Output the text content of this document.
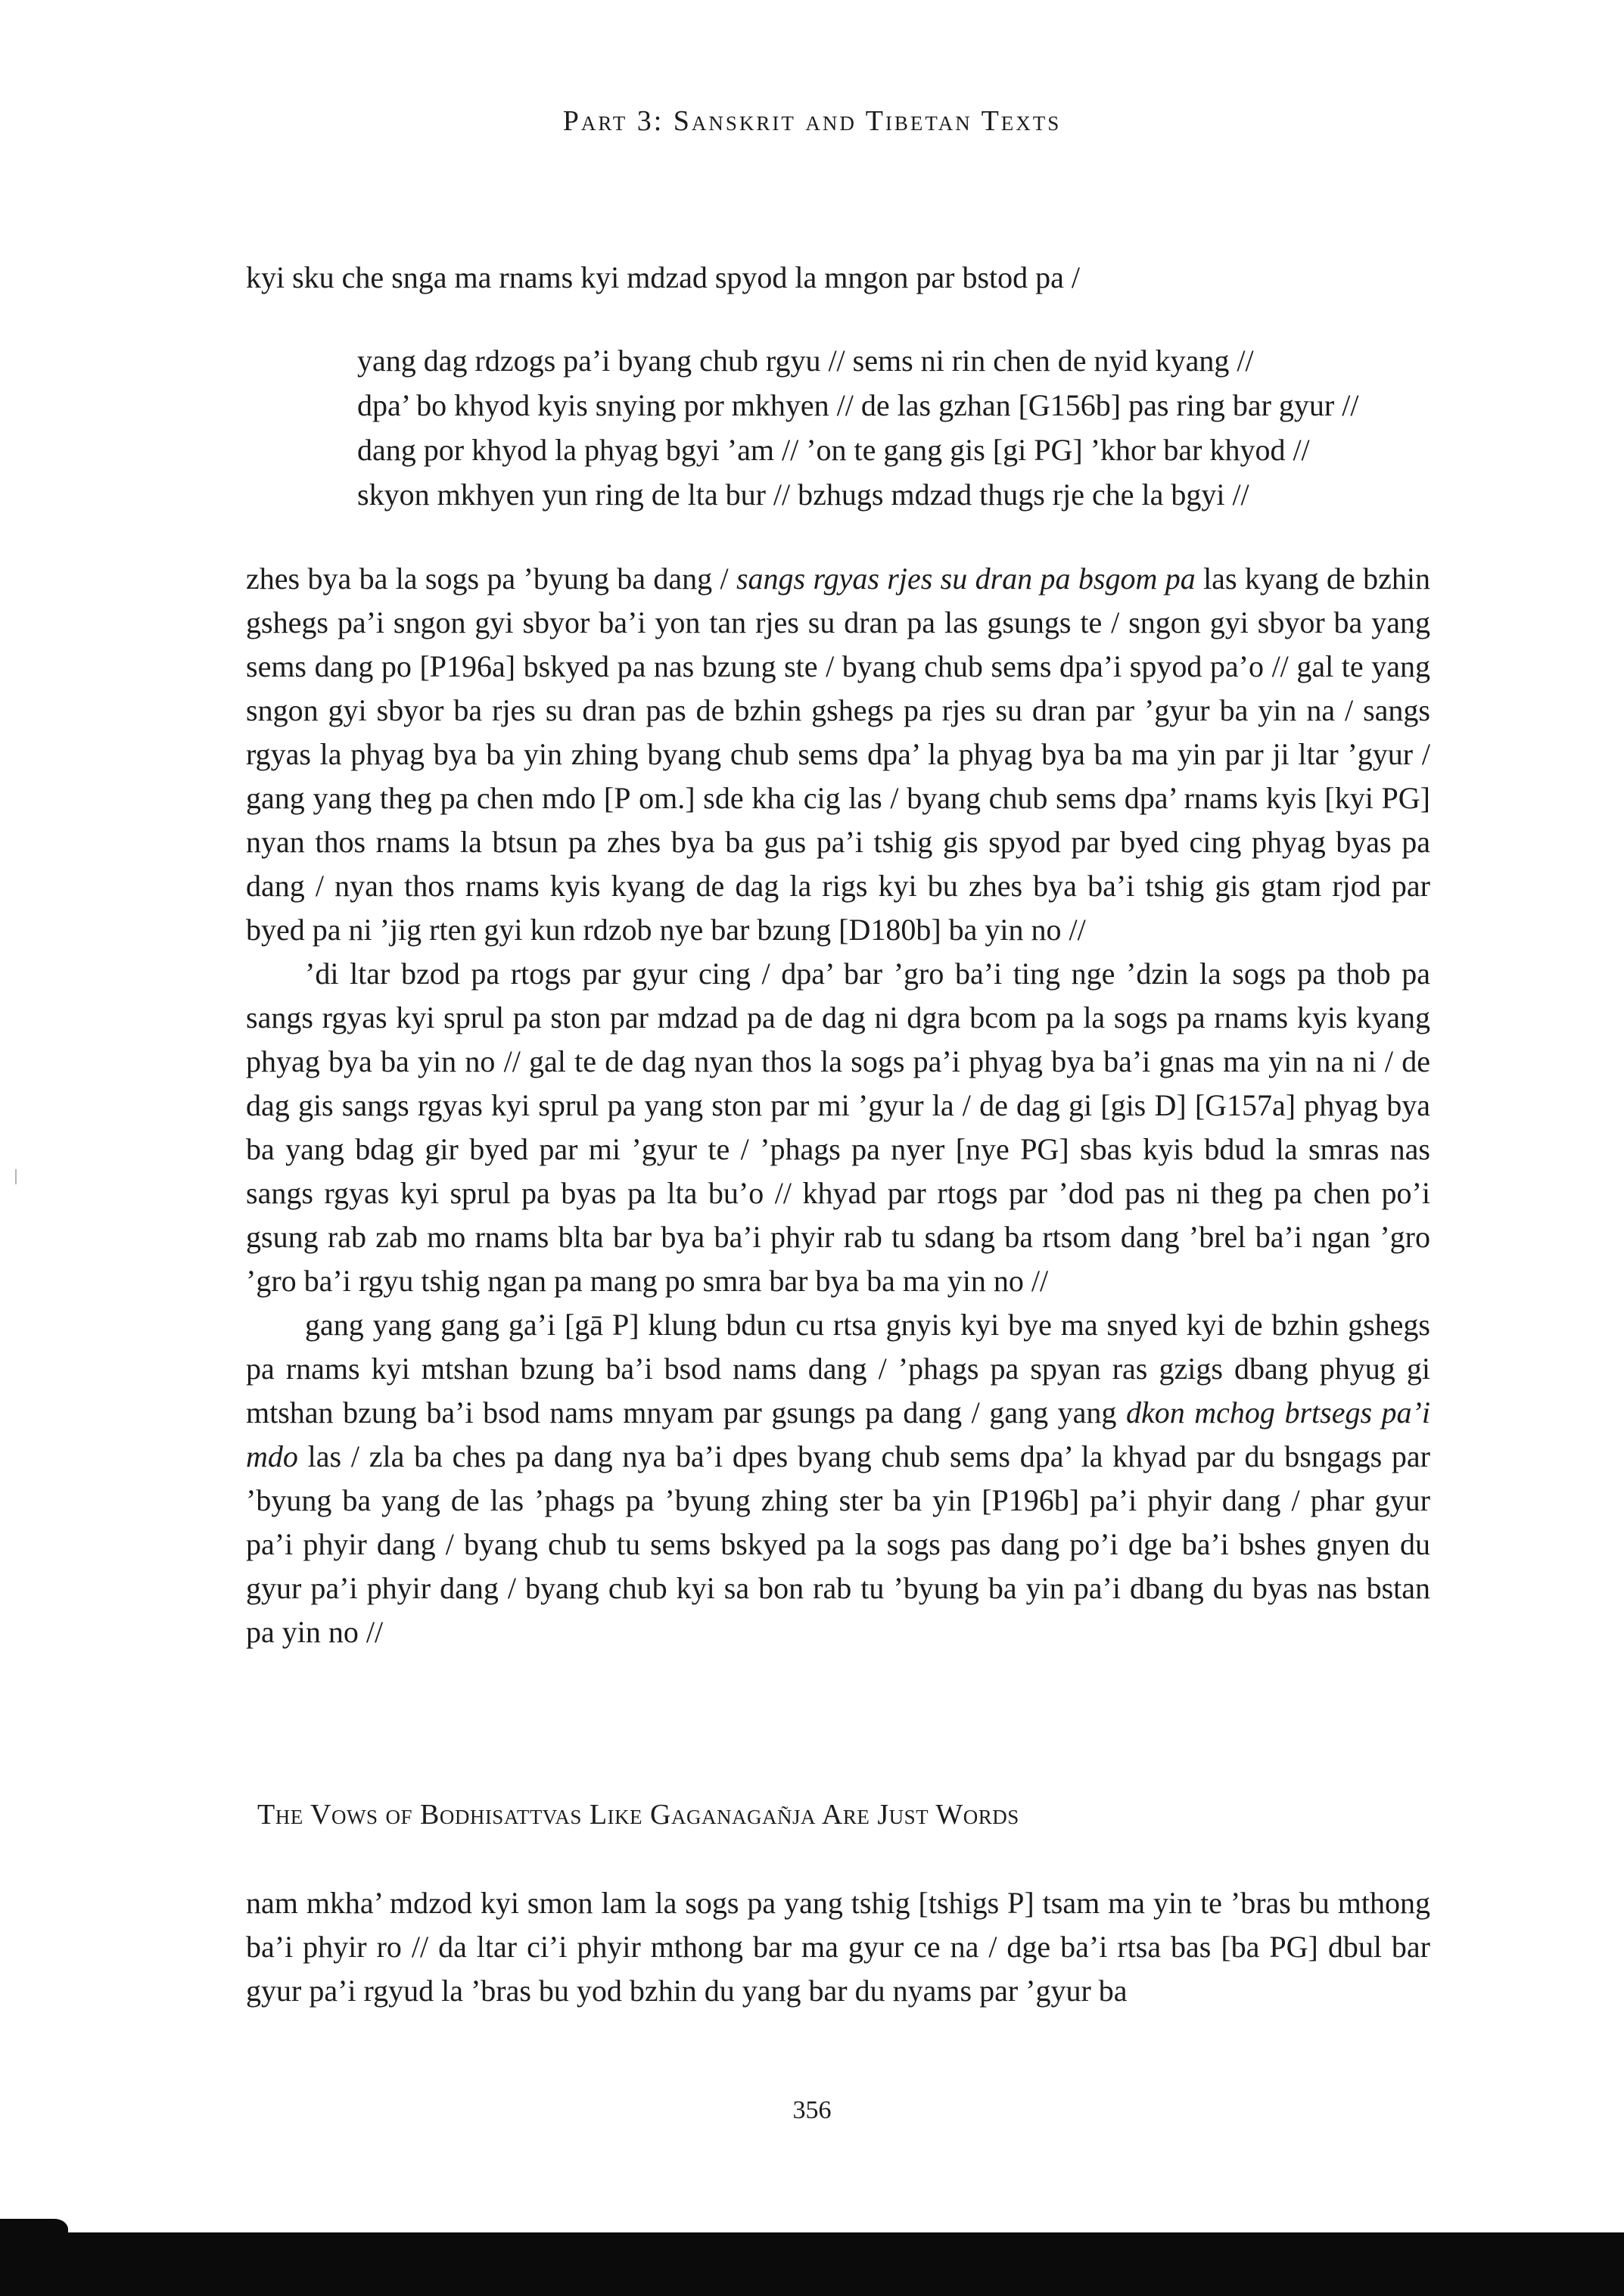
Part 3: Sanskrit and Tibetan Texts
kyi sku che snga ma rnams kyi mdzad spyod la mngon par bstod pa /
yang dag rdzogs pa’i byang chub rgyu // sems ni rin chen de nyid kyang //
dpa’ bo khyod kyis snying por mkhyen // de las gzhan [G156b] pas ring bar gyur //
dang por khyod la phyag bgyi ’am // ’on te gang gis [gi PG] ’khor bar khyod //
skyon mkhyen yun ring de lta bur // bzhugs mdzad thugs rje che la bgyi //

zhes bya ba la sogs pa ’byung ba dang / sangs rgyas rjes su dran pa bsgom pa las kyang de bzhin gshegs pa’i sngon gyi sbyor ba’i yon tan rjes su dran pa las gsungs te / sngon gyi sbyor ba yang sems dang po [P196a] bskyed pa nas bzung ste / byang chub sems dpa’i spyod pa’o // gal te yang sngon gyi sbyor ba rjes su dran pas de bzhin gshegs pa rjes su dran par ’gyur ba yin na / sangs rgyas la phyag bya ba yin zhing byang chub sems dpa’ la phyag bya ba ma yin par ji ltar ’gyur / gang yang theg pa chen mdo [P om.] sde kha cig las / byang chub sems dpa’ rnams kyis [kyi PG] nyan thos rnams la btsun pa zhes bya ba gus pa’i tshig gis spyod par byed cing phyag byas pa dang / nyan thos rnams kyis kyang de dag la rigs kyi bu zhes bya ba’i tshig gis gtam rjod par byed pa ni ’jig rten gyi kun rdzob nye bar bzung [D180b] ba yin no //

’di ltar bzod pa rtogs par gyur cing / dpa’ bar ’gro ba’i ting nge ’dzin la sogs pa thob pa sangs rgyas kyi sprul pa ston par mdzad pa de dag ni dgra bcom pa la sogs pa rnams kyis kyang phyag bya ba yin no // gal te de dag nyan thos la sogs pa’i phyag bya ba’i gnas ma yin na ni / de dag gis sangs rgyas kyi sprul pa yang ston par mi ’gyur la / de dag gi [gis D] [G157a] phyag bya ba yang bdag gir byed par mi ’gyur te / ’phags pa nyer [nye PG] sbas kyis bdud la smras nas sangs rgyas kyi sprul pa byas pa lta bu’o // khyad par rtogs par ’dod pas ni theg pa chen po’i gsung rab zab mo rnams blta bar bya ba’i phyir rab tu sdang ba rtsom dang ’brel ba’i ngan ’gro ’gro ba’i rgyu tshig ngan pa mang po smra bar bya ba ma yin no //

gang yang gang ga’i [gā P] klung bdun cu rtsa gnyis kyi bye ma snyed kyi de bzhin gshegs pa rnams kyi mtshan bzung ba’i bsod nams dang / ’phags pa spyan ras gzigs dbang phyug gi mtshan bzung ba’i bsod nams mnyam par gsungs pa dang / gang yang dkon mchog brtsegs pa’i mdo las / zla ba ches pa dang nya ba’i dpes byang chub sems dpa’ la khyad par du bsngags par ’byung ba yang de las ’phags pa ’byung zhing ster ba yin [P196b] pa’i phyir dang / phar gyur pa’i phyir dang / byang chub tu sems bskyed pa la sogs pas dang po’i dge ba’i bshes gnyen du gyur pa’i phyir dang / byang chub kyi sa bon rab tu ’byung ba yin pa’i dbang du byas nas bstan pa yin no //

The Vows of Bodhisattvas Like Gaganagañja Are Just Words
nam mkha’ mdzod kyi smon lam la sogs pa yang tshig [tshigs P] tsam ma yin te ’bras bu mthong ba’i phyir ro // da ltar ci’i phyir mthong bar ma gyur ce na / dge ba’i rtsa bas [ba PG] dbul bar gyur pa’i rgyud la ’bras bu yod bzhin du yang bar du nyams par ’gyur ba
356
